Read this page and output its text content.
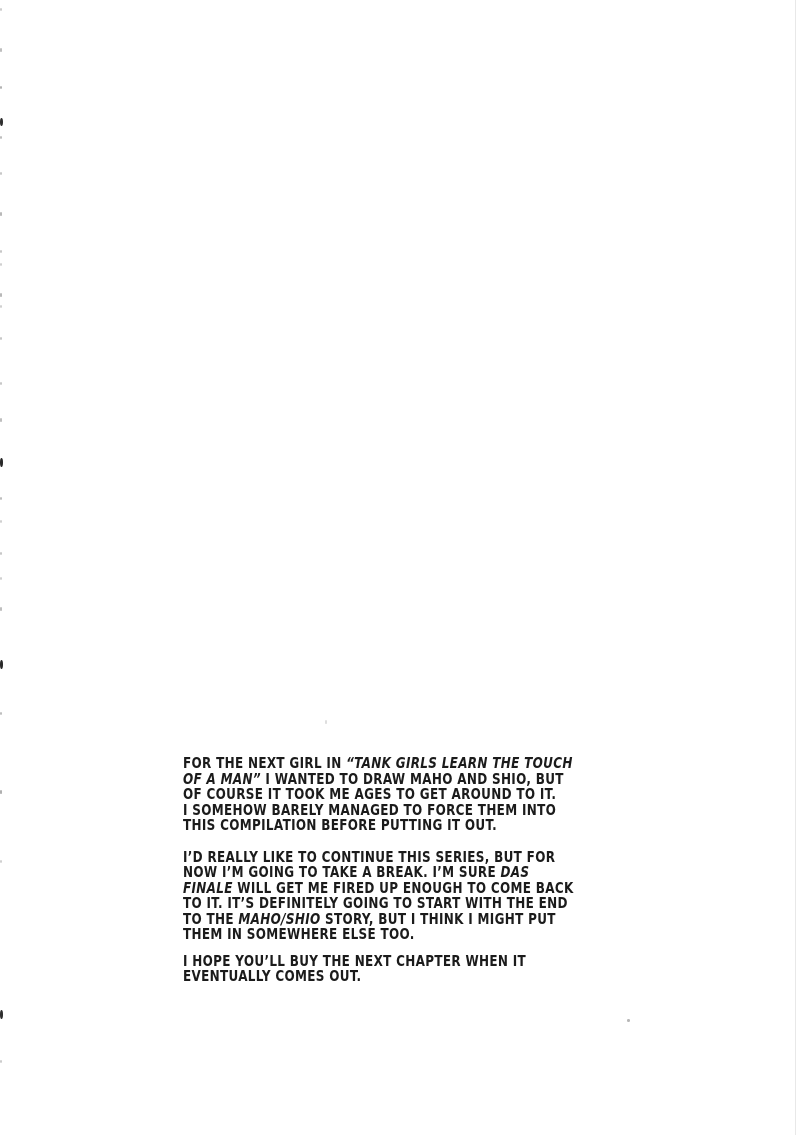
FOR THE NEXT GIRL IN “TANK GIRLS LEARN THE TOUCH
OF A MAN” I WANTED TO DRAW MAHO AND SHIO, BUT
OF COURSE IT TOOK ME AGES TO GET AROUND TO IT.
I SOMEHOW BARELY MANAGED TO FORCE THEM INTO
THIS COMPILATION BEFORE PUTTING IT OUT.
I’D REALLY LIKE TO CONTINUE THIS SERIES, BUT FOR
NOW I’M GOING TO TAKE A BREAK. I’M SURE DAS
FINALE WILL GET ME FIRED UP ENOUGH TO COME BACK
TO IT. IT’S DEFINITELY GOING TO START WITH THE END
TO THE MAHO/SHIO STORY, BUT I THINK I MIGHT PUT
THEM IN SOMEWHERE ELSE TOO.
I HOPE YOU’LL BUY THE NEXT CHAPTER WHEN IT
EVENTUALLY COMES OUT.
